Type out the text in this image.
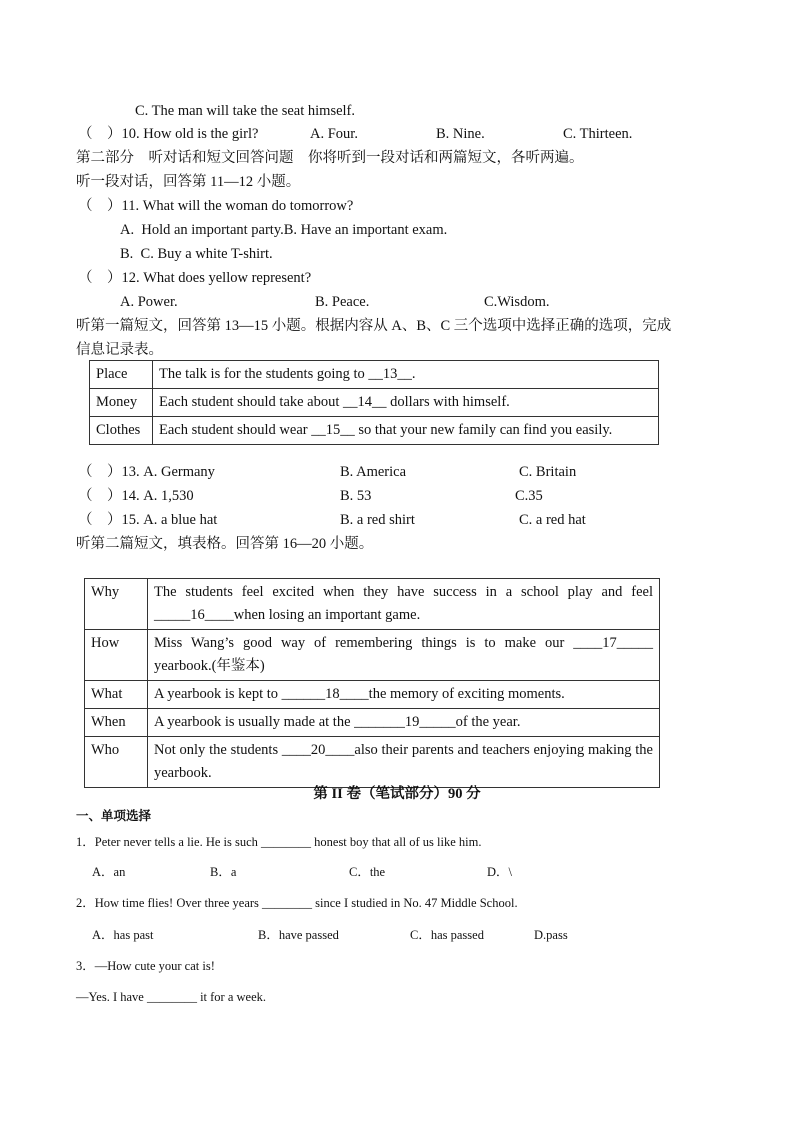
C. The man will take the seat himself.
（    ）10. How old is the girl?	A. Four.	B. Nine.	C. Thirteen.
第二部分    听对话和短文回答问题    你将听到一段对话和两篇短文，各听两遍。
听一段对话，回答第 11—12 小题。
（    ）11. What will the woman do tomorrow?
A.  Hold an important party.B. Have an important exam.
B.  C. Buy a white T-shirt.
（    ）12. What does yellow represent?
A. Power.	B. Peace.	C.Wisdom.
听第一篇短文，回答第 13—15 小题。根据内容从 A、B、C 三个选项中选择正确的选项，完成
信息记录表。
Place	The talk is for the students going to __13__.
Money	Each student should take about __14__ dollars with himself.
Clothes	Each student should wear __15__ so that your new family can find you easily.
（    ）13. A. Germany	B. America	C. Britain
（    ）14. A. 1,530	B. 53	C.35
（    ）15. A. a blue hat	B. a red shirt	C. a red hat
听第二篇短文，填表格。回答第 16—20 小题。
Why	The students feel excited when they have success in a school play and feel _____16____when losing an important game.
How	Miss Wang’s good way of remembering things is to make our ____17_____ yearbook.(年鉴本)
What	A yearbook is kept to ______18____the memory of exciting moments.
When	A yearbook is usually made at the _______19_____of the year.
Who	Not only the students ____20____also their parents and teachers enjoying making the yearbook.
第 II 卷（笔试部分）90 分
一、单项选择
1．Peter never tells a lie. He is such ________ honest boy that all of us like him.
A．an	B．a	C．the	D．\
2．How time flies! Over three years ________ since I studied in No. 47 Middle School.
A．has past	B．have passed	C．has passed	D.pass
3．—How cute your cat is!
—Yes. I have ________ it for a week.
